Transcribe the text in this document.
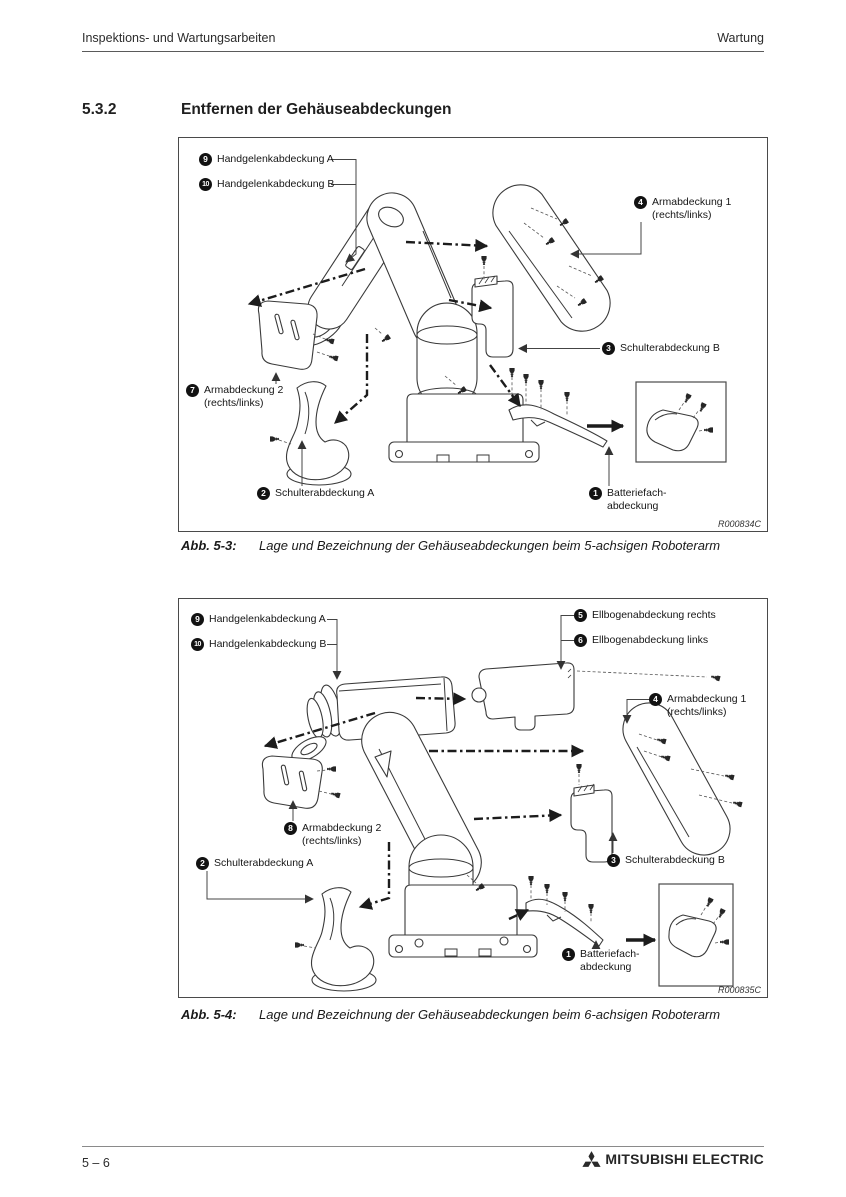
Inspektions- und Wartungsarbeiten	Wartung
5.3.2	Entfernen der Gehäuseabdeckungen
9 Handgelenkabdeckung A
10 Handgelenkabdeckung B
4 Armabdeckung 1
(rechts/links)
3 Schulterabdeckung B
7 Armabdeckung 2
(rechts/links)
2 Schulterabdeckung A	1 Batteriefach-
abdeckung
R000834C
Abb. 5-3:	Lage und Bezeichnung der Gehäuseabdeckungen beim 5-achsigen Roboterarm
9 Handgelenkabdeckung A
10 Handgelenkabdeckung B
5 Ellbogenabdeckung rechts
6 Ellbogenabdeckung links
4 Armabdeckung 1
(rechts/links)
8 Armabdeckung 2
(rechts/links)
2 Schulterabdeckung A	3 Schulterabdeckung B
1 Batteriefach-
abdeckung
R000835C
Abb. 5-4:	Lage und Bezeichnung der Gehäuseabdeckungen beim 6-achsigen Roboterarm
5 – 6	MITSUBISHI ELECTRIC
